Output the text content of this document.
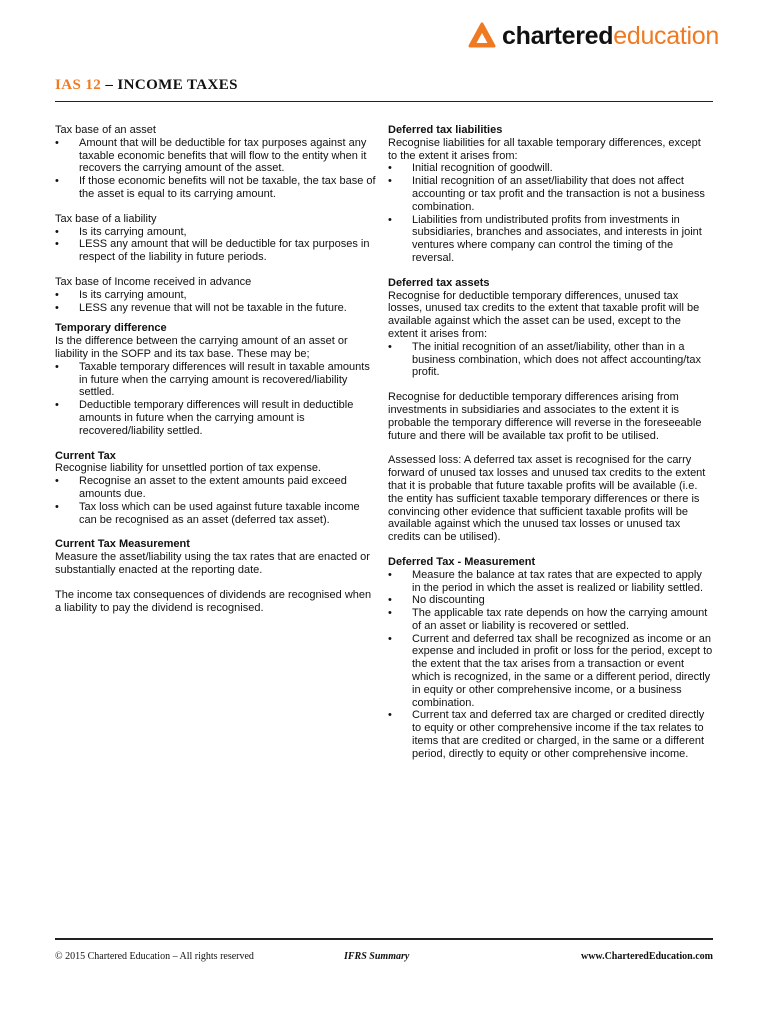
charterededucation
IAS 12 – INCOME TAXES

Tax base of an asset

• Amount that will be deductible for tax purposes against any taxable economic benefits that will flow to the entity when it recovers the carrying amount of the asset.
• If those economic benefits will not be taxable, the tax base of the asset is equal to its carrying amount.

Tax base of a liability

• Is its carrying amount,
• LESS any amount that will be deductible for tax purposes in respect of the liability in future periods.

Tax base of Income received in advance

• Is its carrying amount,
• LESS any revenue that will not be taxable in the future.

Temporary difference

Is the difference between the carrying amount of an asset or liability in the SOFP and its tax base. These may be;

• Taxable temporary differences will result in taxable amounts in future when the carrying amount is recovered/liability settled.
• Deductible temporary differences will result in deductible amounts in future when the carrying amount is recovered/liability settled.

Current Tax

Recognise liability for unsettled portion of tax expense.

• Recognise an asset to the extent amounts paid exceed amounts due.
• Tax loss which can be used against future taxable income can be recognised as an asset (deferred tax asset).

Current Tax Measurement

Measure the asset/liability using the tax rates that are enacted or substantially enacted at the reporting date.

The income tax consequences of dividends are recognised when a liability to pay the dividend is recognised.

Deferred tax liabilities

Recognise liabilities for all taxable temporary differences, except to the extent it arises from:

• Initial recognition of goodwill.
• Initial recognition of an asset/liability that does not affect accounting or tax profit and the transaction is not a business combination.
• Liabilities from undistributed profits from investments in subsidiaries, branches and associates, and interests in joint ventures where company can control the timing of the reversal.

Deferred tax assets

Recognise for deductible temporary differences, unused tax losses, unused tax credits to the extent that taxable profit will be available against which the asset can be used, except to the extent it arises from:

• The initial recognition of an asset/liability, other than in a business combination, which does not affect accounting/tax profit.

Recognise for deductible temporary differences arising from investments in subsidiaries and associates to the extent it is probable the temporary difference will reverse in the foreseeable future and there will be available tax profit to be utilised.

Assessed loss: A deferred tax asset is recognised for the carry forward of unused tax losses and unused tax credits to the extent that it is probable that future taxable profits will be available (i.e. the entity has sufficient taxable temporary differences or there is convincing other evidence that sufficient taxable profits will be available against which the unused tax losses or unused tax credits can be utilised).

Deferred Tax - Measurement

• Measure the balance at tax rates that are expected to apply in the period in which the asset is realized or liability settled.
• No discounting
• The applicable tax rate depends on how the carrying amount of an asset or liability is recovered or settled.
• Current and deferred tax shall be recognized as income or an expense and included in profit or loss for the period, except to the extent that the tax arises from a transaction or event which is recognized, in the same or a different period, directly in equity or other comprehensive income, or a business combination.
• Current tax and deferred tax are charged or credited directly to equity or other comprehensive income if the tax relates to items that are credited or charged, in the same or a different period, directly to equity or other comprehensive income.
© 2015 Chartered Education – All rights reserved	IFRS Summary	www.CharteredEducation.com
